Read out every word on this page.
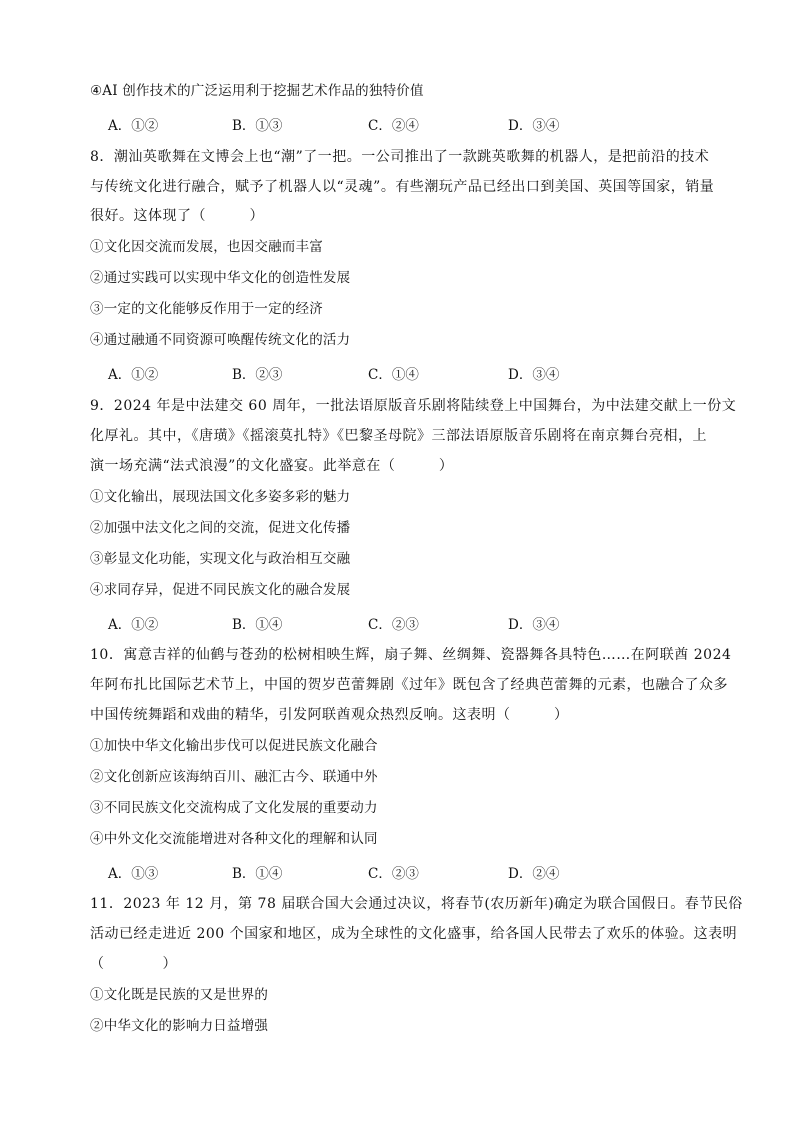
④AI 创作技术的广泛运用利于挖掘艺术作品的独特价值
A．①②	B．①③	C．②④	D．③④
8．潮汕英歌舞在文博会上也“潮”了一把。一公司推出了一款跳英歌舞的机器人，是把前沿的技术
与传统文化进行融合，赋予了机器人以“灵魂”。有些潮玩产品已经出口到美国、英国等国家，销量
很好。这体现了（　　　）
①文化因交流而发展，也因交融而丰富
②通过实践可以实现中华文化的创造性发展
③一定的文化能够反作用于一定的经济
④通过融通不同资源可唤醒传统文化的活力
A．①②	B．②③	C．①④	D．③④
9．2024 年是中法建交 60 周年，一批法语原版音乐剧将陆续登上中国舞台，为中法建交献上一份文
化厚礼。其中，《唐璜》《摇滚莫扎特》《巴黎圣母院》三部法语原版音乐剧将在南京舞台亮相，上
演一场充满“法式浪漫”的文化盛宴。此举意在（　　　）
①文化输出，展现法国文化多姿多彩的魅力
②加强中法文化之间的交流，促进文化传播
③彰显文化功能，实现文化与政治相互交融
④求同存异，促进不同民族文化的融合发展
A．①②	B．①④	C．②③	D．③④
10．寓意吉祥的仙鹤与苍劲的松树相映生辉，扇子舞、丝绸舞、瓷器舞各具特色……在阿联酋 2024
年阿布扎比国际艺术节上，中国的贺岁芭蕾舞剧《过年》既包含了经典芭蕾舞的元素，也融合了众多
中国传统舞蹈和戏曲的精华，引发阿联酋观众热烈反响。这表明（　　　）
①加快中华文化输出步伐可以促进民族文化融合
②文化创新应该海纳百川、融汇古今、联通中外
③不同民族文化交流构成了文化发展的重要动力
④中外文化交流能增进对各种文化的理解和认同
A．①③	B．①④	C．②③	D．②④
11．2023 年 12 月，第 78 届联合国大会通过决议，将春节(农历新年)确定为联合国假日。春节民俗
活动已经走进近 200 个国家和地区，成为全球性的文化盛事，给各国人民带去了欢乐的体验。这表明
（　　　　）
①文化既是民族的又是世界的
②中华文化的影响力日益增强
